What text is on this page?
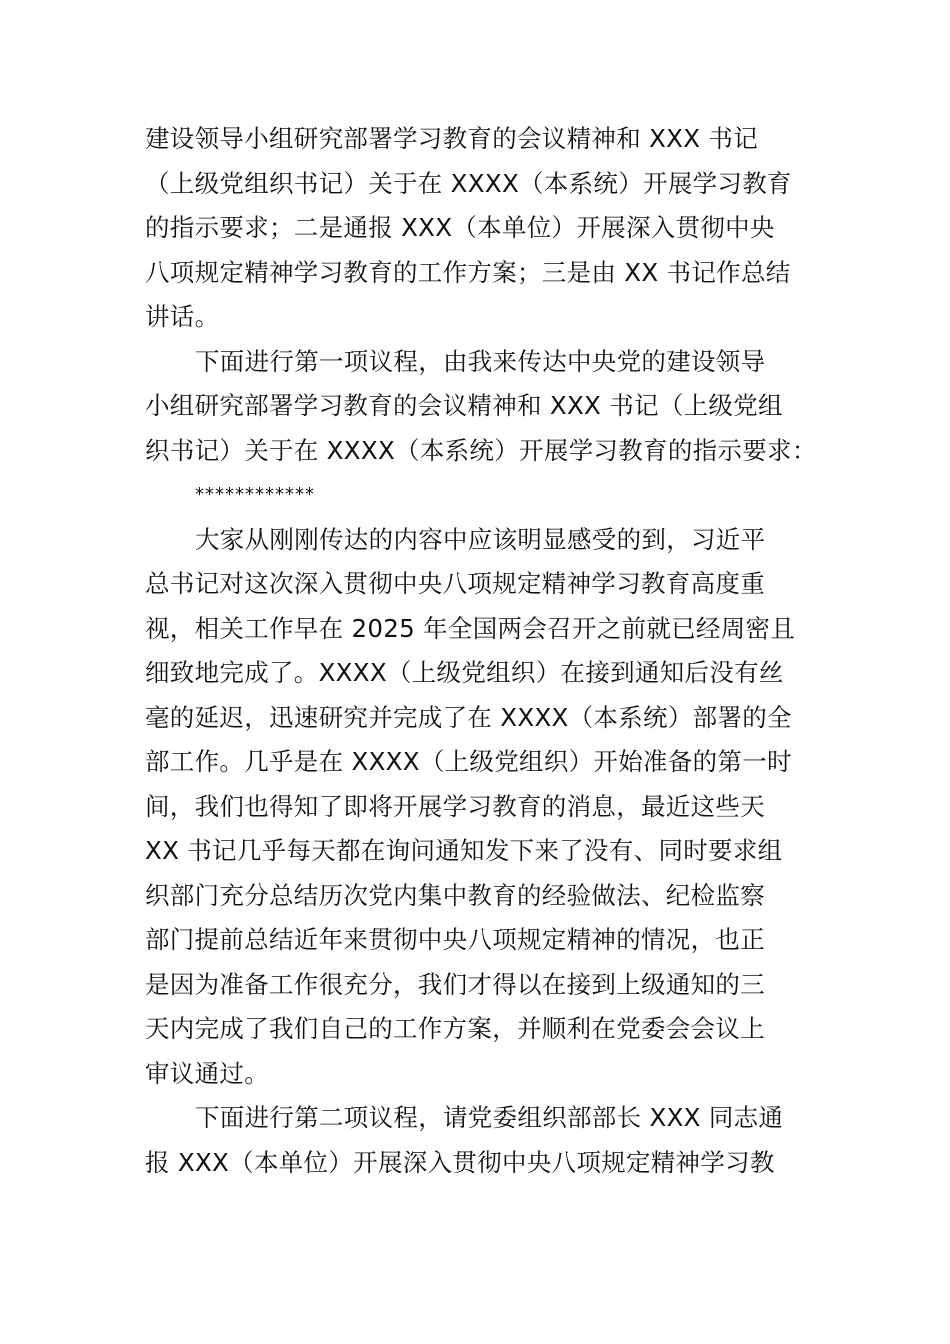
建设领导小组研究部署学习教育的会议精神和 XXX 书记
（上级党组织书记）关于在 XXXX（本系统）开展学习教育
的指示要求；二是通报 XXX（本单位）开展深入贯彻中央
八项规定精神学习教育的工作方案；三是由 XX 书记作总结
讲话。
下面进行第一项议程，由我来传达中央党的建设领导
小组研究部署学习教育的会议精神和 XXX 书记（上级党组
织书记）关于在 XXXX（本系统）开展学习教育的指示要求：
************
大家从刚刚传达的内容中应该明显感受的到，习近平
总书记对这次深入贯彻中央八项规定精神学习教育高度重
视，相关工作早在 2025 年全国两会召开之前就已经周密且
细致地完成了。XXXX（上级党组织）在接到通知后没有丝
毫的延迟，迅速研究并完成了在 XXXX（本系统）部署的全
部工作。几乎是在 XXXX（上级党组织）开始准备的第一时
间，我们也得知了即将开展学习教育的消息，最近这些天
XX 书记几乎每天都在询问通知发下来了没有、同时要求组
织部门充分总结历次党内集中教育的经验做法、纪检监察
部门提前总结近年来贯彻中央八项规定精神的情况，也正
是因为准备工作很充分，我们才得以在接到上级通知的三
天内完成了我们自己的工作方案，并顺利在党委会会议上
审议通过。
下面进行第二项议程，请党委组织部部长 XXX 同志通
报 XXX（本单位）开展深入贯彻中央八项规定精神学习教
